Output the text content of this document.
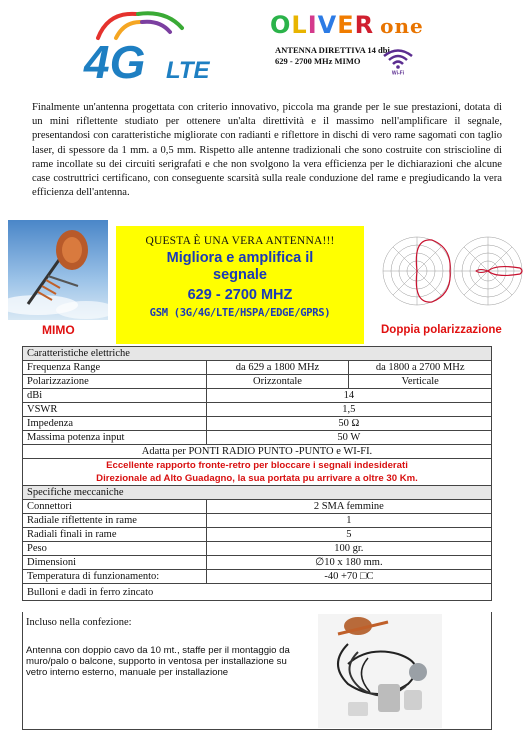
4G LTE
OLIVER one
ANTENNA DIRETTIVA 14 dbi
629 - 2700 MHz MIMO
Wi-Fi
Finalmente un'antenna progettata con criterio innovativo, piccola ma grande per le sue prestazioni, dotata di un mini riflettente studiato per ottenere un'alta direttività e il massimo nell'amplificare il segnale, presentandosi con caratteristiche migliorate con radianti e riflettore in dischi di vero rame sagomati con taglio laser, di spessore da 1 mm. a 0,5 mm. Rispetto alle antenne tradizionali che sono costruite con striscioline di rame incollate su dei circuiti serigrafati e che non svolgono la vera efficienza per le dichiarazioni che alcune case costruttrici certificano, con conseguente scarsità sulla reale conduzione del rame e pregiudicando la vera efficienza dell'antenna.
MIMO
QUESTA È UNA VERA ANTENNA!!!
Migliora e amplifica il
segnale
629 - 2700 MHZ
GSM (3G/4G/LTE/HSPA/EDGE/GPRS)
Doppia polarizzazione
Caratteristiche elettriche		
Frequenza Range	da 629 a 1800 MHz	da 1800 a 2700 MHz
Polarizzazione	Orizzontale	Verticale
dBi	14	
VSWR	1,5	
Impedenza	50 Ω	
Massima potenza input	50 W	
Adatta per PONTI RADIO PUNTO -PUNTO e WI-FI.		
Eccellente rapporto fronte-retro per bloccare i segnali indesiderati		
Direzionale ad Alto Guadagno, la sua portata pu arrivare a oltre 30 Km.		
Specifiche meccaniche		
Connettori	2 SMA femmine	
Radiale riflettente in rame	1	
Radiali finali in rame	5	
Peso	100 gr.	
Dimensioni	∅10 x 180 mm.	
Temperatura di funzionamento:	-40 +70 □C	
Bulloni e dadi in ferro zincato		
Incluso nella confezione:
Antenna con doppio cavo da 10 mt., staffe per il montaggio da muro/palo o balcone, supporto in ventosa per installazione su vetro interno esterno, manuale per installazione
